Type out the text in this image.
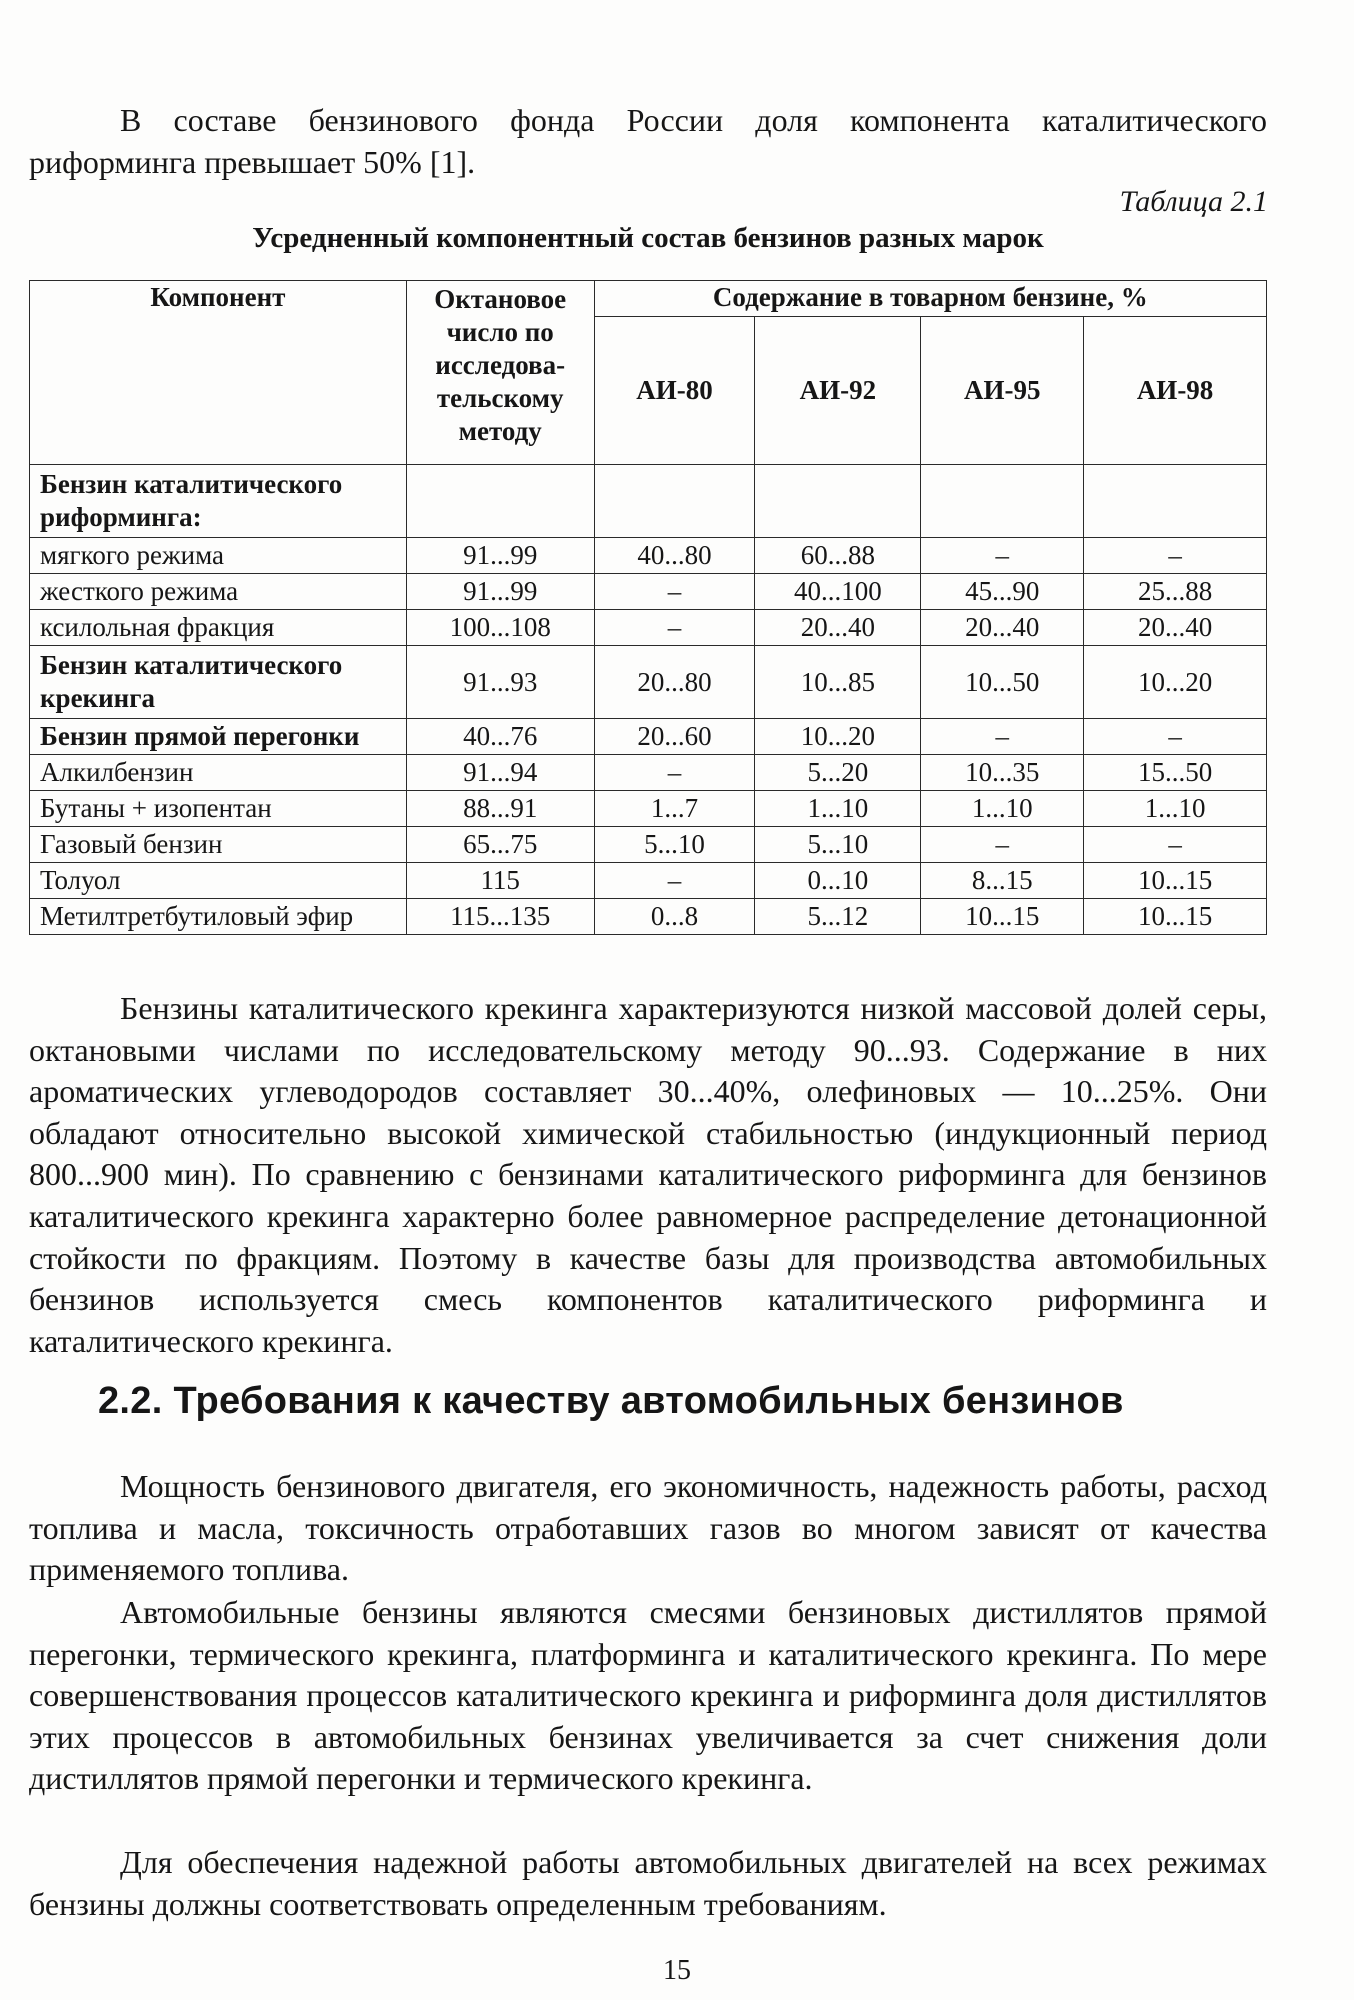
В составе бензинового фонда России доля компонента каталитического риформинга превышает 50% [1].

Таблица 2.1

Усредненный компонентный состав бензинов разных марок

Компонент	Октановое число по исследова-тельскому методу	Содержание в товарном бензине, %			
		АИ-80	АИ-92	АИ-95	АИ-98
Бензин каталитического риформинга:					
мягкого режима	91...99	40...80	60...88	–	–
жесткого режима	91...99	–	40...100	45...90	25...88
ксилольная фракция	100...108	–	20...40	20...40	20...40
Бензин каталитического крекинга	91...93	20...80	10...85	10...50	10...20
Бензин прямой перегонки	40...76	20...60	10...20	–	–
Алкилбензин	91...94	–	5...20	10...35	15...50
Бутаны + изопентан	88...91	1...7	1...10	1...10	1...10
Газовый бензин	65...75	5...10	5...10	–	–
Толуол	115	–	0...10	8...15	10...15
Метилтретбутиловый эфир	115...135	0...8	5...12	10...15	10...15

Бензины каталитического крекинга характеризуются низкой массовой долей серы, октановыми числами по исследовательскому методу 90...93. Содержание в них ароматических углеводородов составляет 30...40%, олефиновых — 10...25%. Они обладают относительно высокой химической стабильностью (индукционный период 800...900 мин). По сравнению с бензинами каталитического риформинга для бензинов каталитического крекинга характерно более равномерное распределение детонационной стойкости по фракциям. Поэтому в качестве базы для производства автомобильных бензинов используется смесь компонентов каталитического риформинга и каталитического крекинга.

2.2. Требования к качеству автомобильных бензинов

Мощность бензинового двигателя, его экономичность, надежность работы, расход топлива и масла, токсичность отработавших газов во многом зависят от качества применяемого топлива.

Автомобильные бензины являются смесями бензиновых дистиллятов прямой перегонки, термического крекинга, платформинга и каталитического крекинга. По мере совершенствования процессов каталитического крекинга и риформинга доля дистиллятов этих процессов в автомобильных бензинах увеличивается за счет снижения доли дистиллятов прямой перегонки и термического крекинга.

Для обеспечения надежной работы автомобильных двигателей на всех режимах бензины должны соответствовать определенным требованиям.

15
